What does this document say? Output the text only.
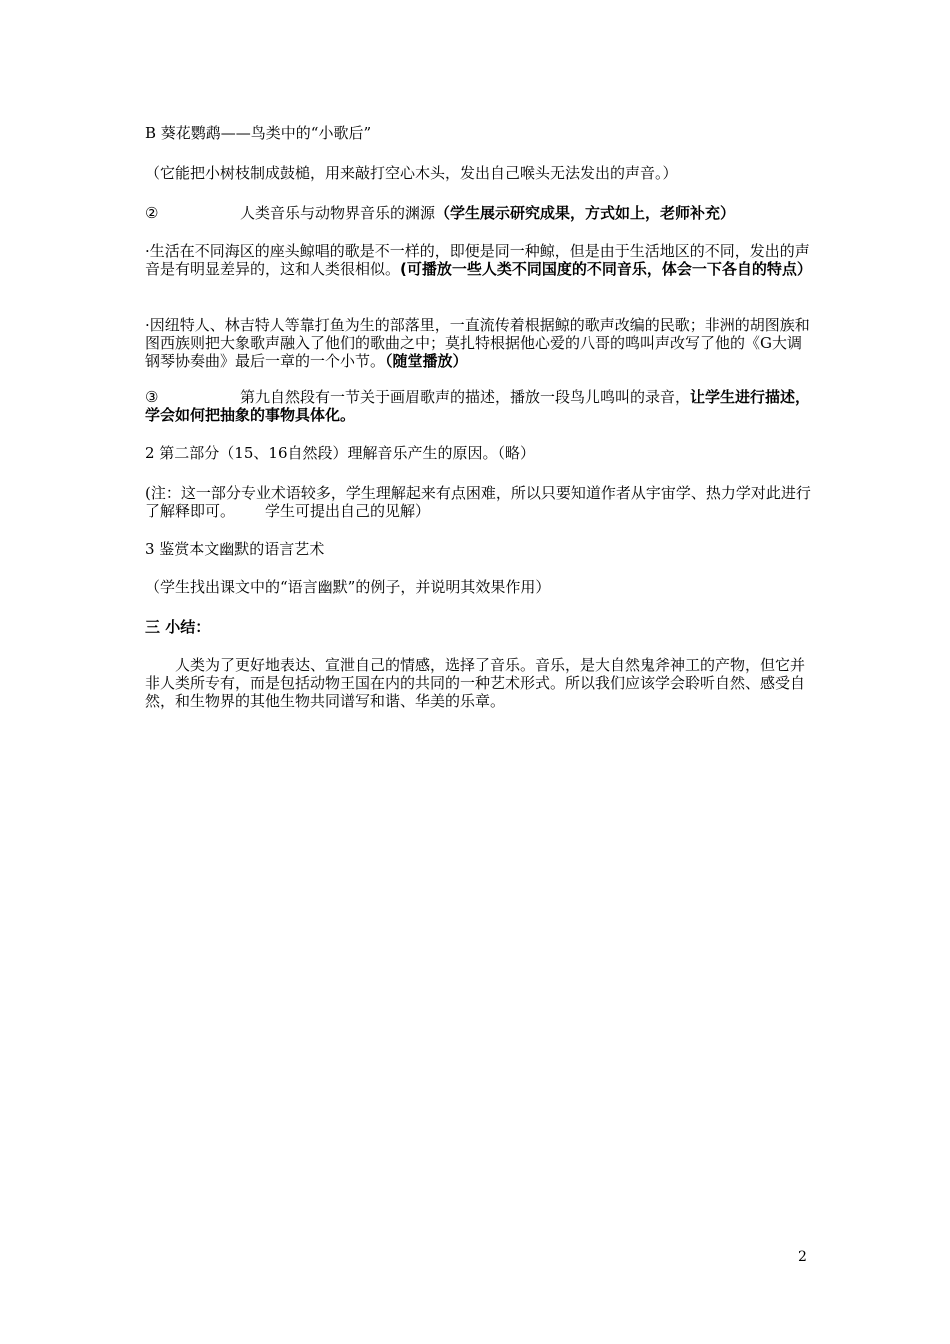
B 葵花鹦鹉——鸟类中的“小歌后”
（它能把小树枝制成鼓槌，用来敲打空心木头，发出自己喉头无法发出的声音。）
②	人类音乐与动物界音乐的渊源（学生展示研究成果，方式如上，老师补充）
·生活在不同海区的座头鲸唱的歌是不一样的，即便是同一种鲸，但是由于生活地区的不同，发出的声音是有明显差异的，这和人类很相似。(可播放一些人类不同国度的不同音乐，体会一下各自的特点）
·因纽特人、林吉特人等靠打鱼为生的部落里，一直流传着根据鲸的歌声改编的民歌；非洲的胡图族和图西族则把大象歌声融入了他们的歌曲之中；莫扎特根据他心爱的八哥的鸣叫声改写了他的《G大调钢琴协奏曲》最后一章的一个小节。（随堂播放）
③	第九自然段有一节关于画眉歌声的描述，播放一段鸟儿鸣叫的录音，让学生进行描述，学会如何把抽象的事物具体化。
2 第二部分（15、16自然段）理解音乐产生的原因。（略）
(注：这一部分专业术语较多，学生理解起来有点困难，所以只要知道作者从宇宙学、热力学对此进行了解释即可。 学生可提出自己的见解）
3 鉴赏本文幽默的语言艺术
（学生找出课文中的“语言幽默”的例子，并说明其效果作用）
三 小结：
人类为了更好地表达、宣泄自己的情感，选择了音乐。音乐，是大自然鬼斧神工的产物，但它并非人类所专有，而是包括动物王国在内的共同的一种艺术形式。所以我们应该学会聆听自然、感受自然，和生物界的其他生物共同谱写和谐、华美的乐章。
2
